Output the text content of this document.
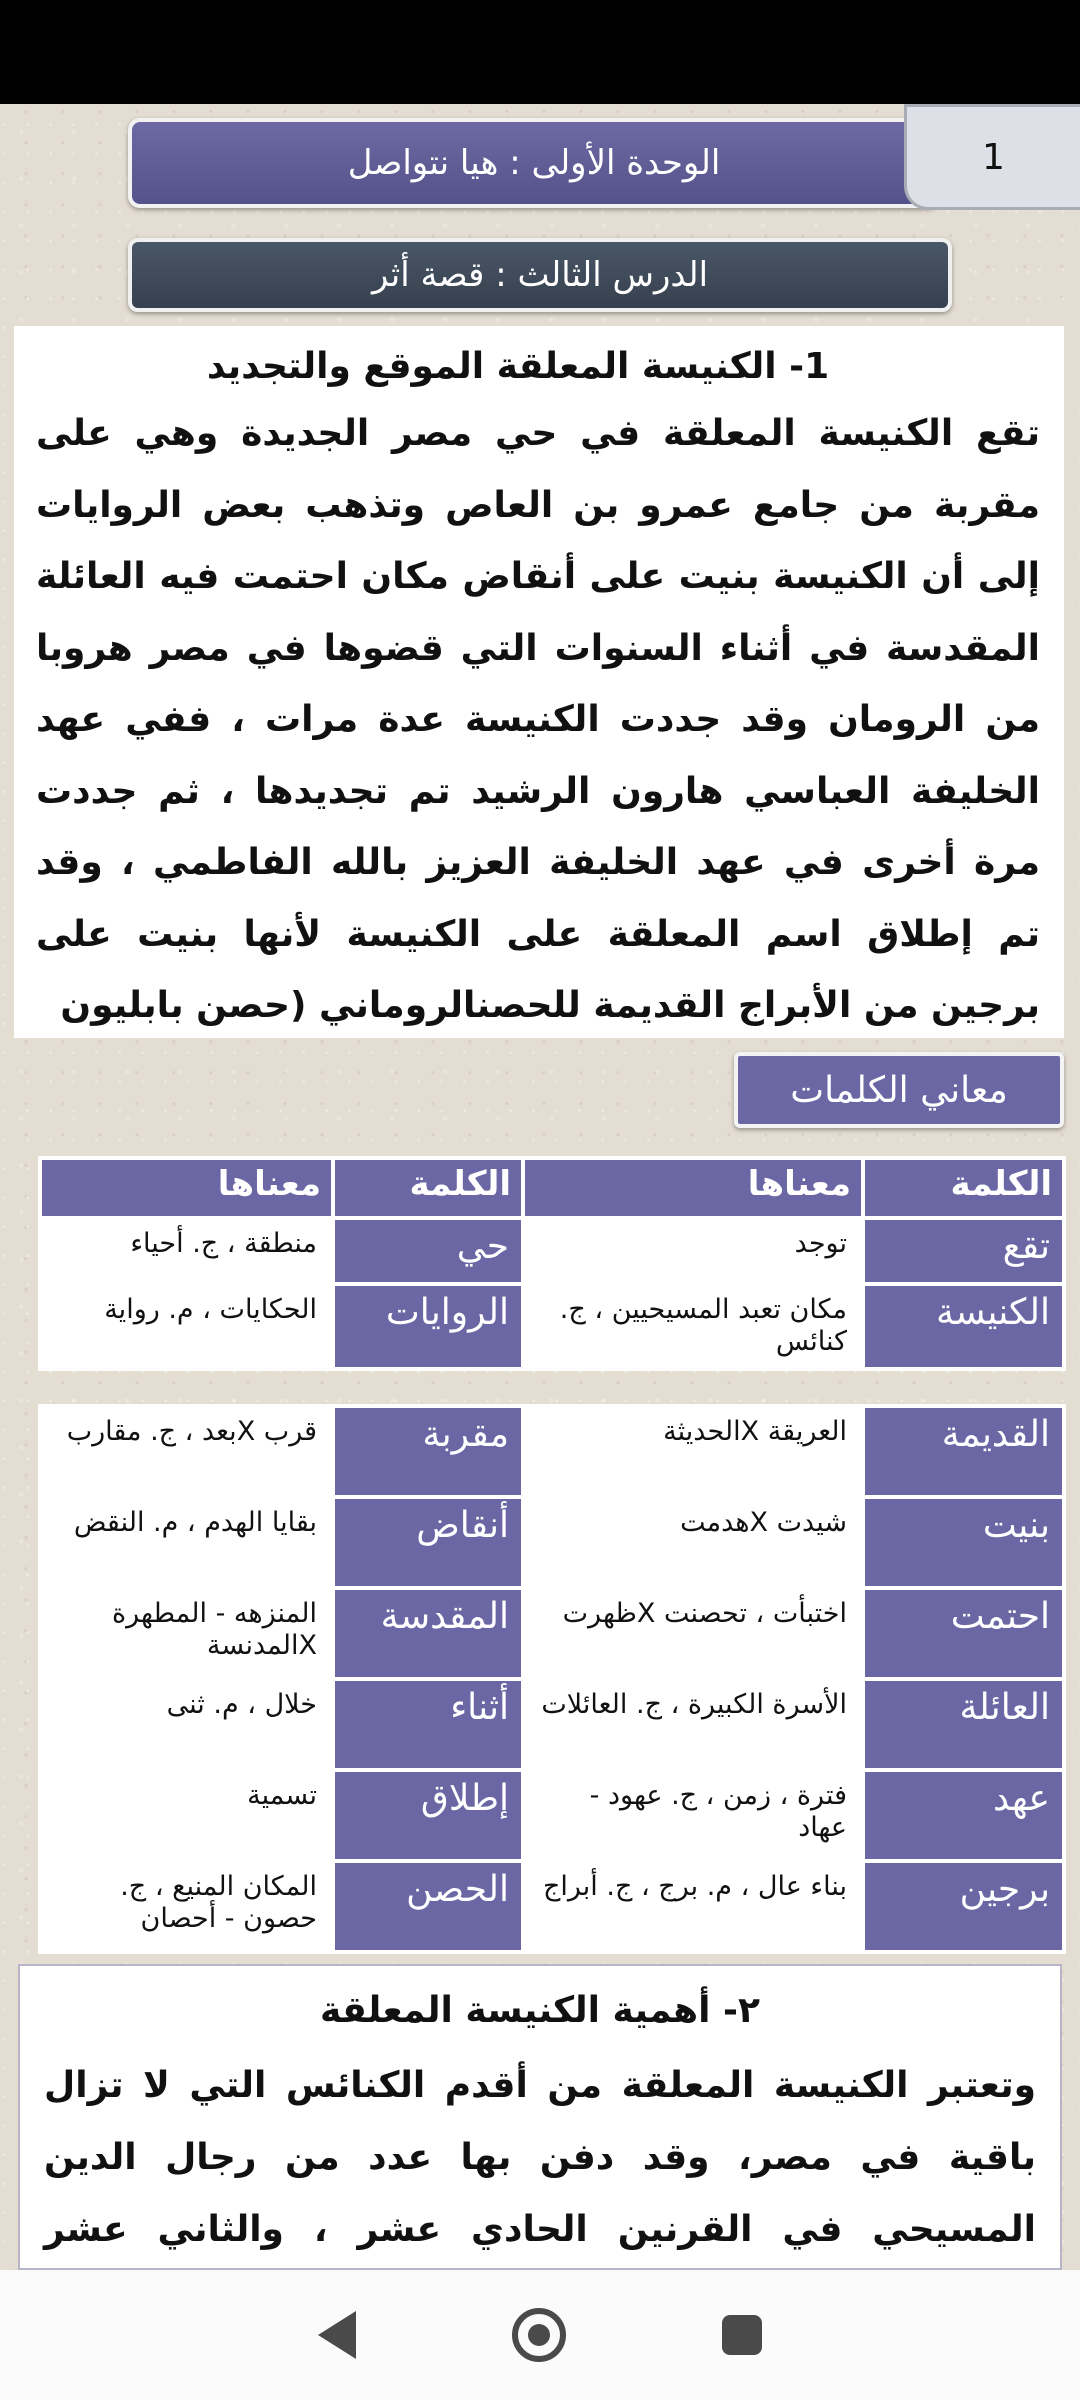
الوحدة الأولى : هيا نتواصل	1
الدرس الثالث : قصة أثر
1- الكنيسة المعلقة الموقع والتجديد

تقع الكنيسة المعلقة في حي مصر الجديدة وهي على مقربة من جامع عمرو بن العاص وتذهب بعض الروايات إلى أن الكنيسة بنيت على أنقاض مكان احتمت فيه العائلة المقدسة في أثناء السنوات التي قضوها في مصر هروبا من الرومان وقد جددت الكنيسة عدة مرات ، ففي عهد الخليفة العباسي هارون الرشيد تم تجديدها ، ثم جددت مرة أخرى في عهد الخليفة العزيز بالله الفاطمي ، وقد تم إطلاق اسم المعلقة على الكنيسة لأنها بنيت على برجين من الأبراج القديمة للحصنالروماني (حصن بابليون

معاني الكلمات
الكلمة	معناها	الكلمة	معناها
تقع	توجد	حي	منطقة ، ج. أحياء
الكنيسة	مكان تعبد المسيحيين ، ج. كنائس	الروايات	الحكايات ، م. رواية
القديمة	العريقة Xالحديثة	مقربة	قرب Xبعد ، ج. مقارب
بنيت	شيدت Xهدمت	أنقاض	بقايا الهدم ، م. النقض
احتمت	اختبأت ، تحصنت Xظهرت	المقدسة	المنزهه - المطهرة Xالمدنسة
العائلة	الأسرة الكبيرة ، ج. العائلات	أثناء	خلال ، م. ثنى
عهد	فترة ، زمن ، ج. عهود - عهاد	إطلاق	تسمية
برجين	بناء عال ، م. برج ، ج. أبراج	الحصن	المكان المنيع ، ج. حصون - أحصان
٢- أهمية الكنيسة المعلقة

وتعتبر الكنيسة المعلقة من أقدم الكنائس التي لا تزال باقية في مصر، وقد دفن بها عدد من رجال الدين المسيحي في القرنين الحادي عشر ، والثاني عشر
